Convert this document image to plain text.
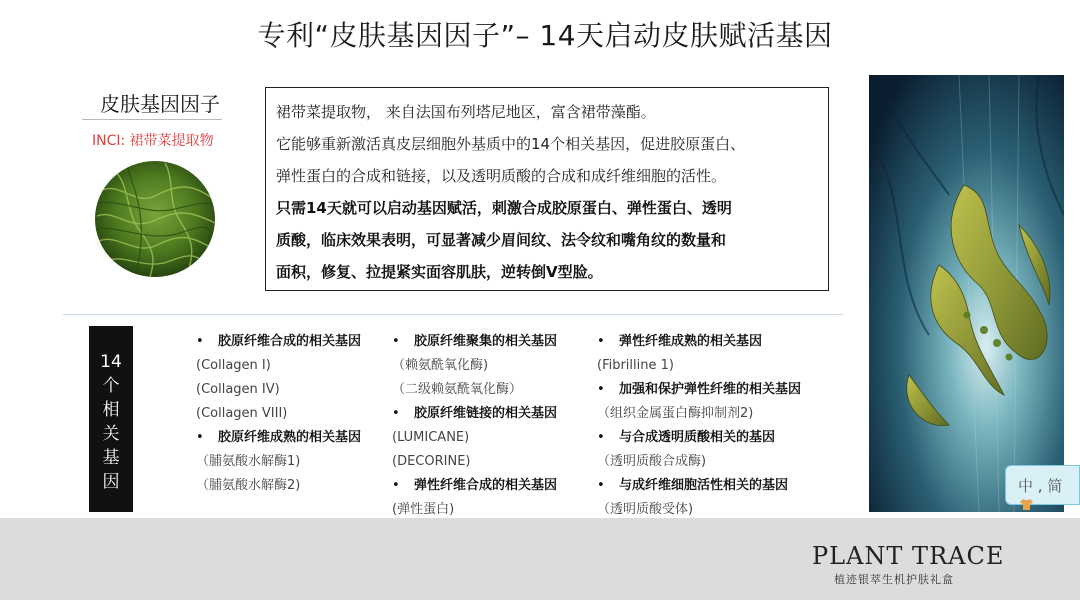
专利“皮肤基因因子”– 14天启动皮肤赋活基因
皮肤基因因子
INCI: 裙带菜提取物
裙带菜提取物， 来自法国布列塔尼地区，富含裙带藻酯。
它能够重新激活真皮层细胞外基质中的14个相关基因，促进胶原蛋白、
弹性蛋白的合成和链接，以及透明质酸的合成和成纤维细胞的活性。
只需14天就可以启动基因赋活，刺激合成胶原蛋白、弹性蛋白、透明
质酸，临床效果表明，可显著减少眉间纹、法令纹和嘴角纹的数量和
面积，修复、拉提紧实面容肌肤，逆转倒V型脸。
14
个
相
关
基
因
• 胶原纤维合成的相关基因
(Collagen I)
(Collagen IV)
(Collagen VIII)
• 胶原纤维成熟的相关基因
（脯氨酸水解酶1)
（脯氨酸水解酶2)
• 胶原纤维聚集的相关基因
（赖氨酰氧化酶)
（二级赖氨酰氧化酶）
• 胶原纤维链接的相关基因
(LUMICANE)
(DECORINE)
• 弹性纤维合成的相关基因
(弹性蛋白)
• 弹性纤维成熟的相关基因
(Fibrilline 1)
• 加强和保护弹性纤维的相关基因
（组织金属蛋白酶抑制剂2)
• 与合成透明质酸相关的基因
（透明质酸合成酶)
• 与成纤维细胞活性相关的基因
（透明质酸受体)
中 , 简
PLANT TRACE
植迹银萃生机护肤礼盒
